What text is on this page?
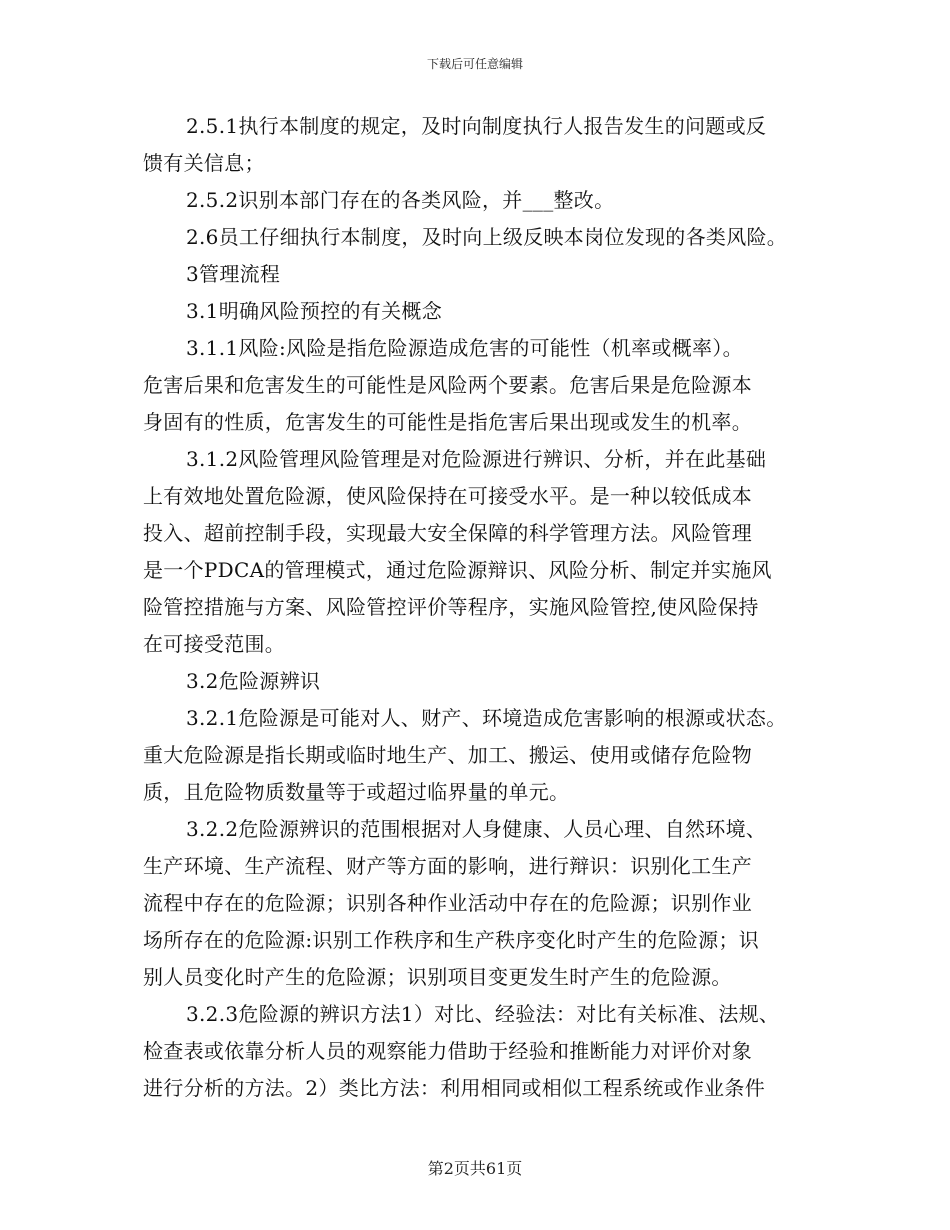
下载后可任意编辑
2.5.1执行本制度的规定，及时向制度执行人报告发生的问题或反
馈有关信息；
2.5.2识别本部门存在的各类风险，并___整改。
2.6员工仔细执行本制度，及时向上级反映本岗位发现的各类风险。
3管理流程
3.1明确风险预控的有关概念
3.1.1风险:风险是指危险源造成危害的可能性（机率或概率）。
危害后果和危害发生的可能性是风险两个要素。危害后果是危险源本
身固有的性质，危害发生的可能性是指危害后果出现或发生的机率。
3.1.2风险管理风险管理是对危险源进行辨识、分析，并在此基础
上有效地处置危险源，使风险保持在可接受水平。是一种以较低成本
投入、超前控制手段，实现最大安全保障的科学管理方法。风险管理
是一个PDCA的管理模式，通过危险源辩识、风险分析、制定并实施风
险管控措施与方案、风险管控评价等程序，实施风险管控,使风险保持
在可接受范围。
3.2危险源辨识
3.2.1危险源是可能对人、财产、环境造成危害影响的根源或状态。
重大危险源是指长期或临时地生产、加工、搬运、使用或储存危险物
质，且危险物质数量等于或超过临界量的单元。
3.2.2危险源辨识的范围根据对人身健康、人员心理、自然环境、
生产环境、生产流程、财产等方面的影响，进行辩识：识别化工生产
流程中存在的危险源；识别各种作业活动中存在的危险源；识别作业
场所存在的危险源:识别工作秩序和生产秩序变化时产生的危险源；识
别人员变化时产生的危险源；识别项目变更发生时产生的危险源。
3.2.3危险源的辨识方法1）对比、经验法：对比有关标准、法规、
检查表或依靠分析人员的观察能力借助于经验和推断能力对评价对象
进行分析的方法。2）类比方法：利用相同或相似工程系统或作业条件
第2页共61页
